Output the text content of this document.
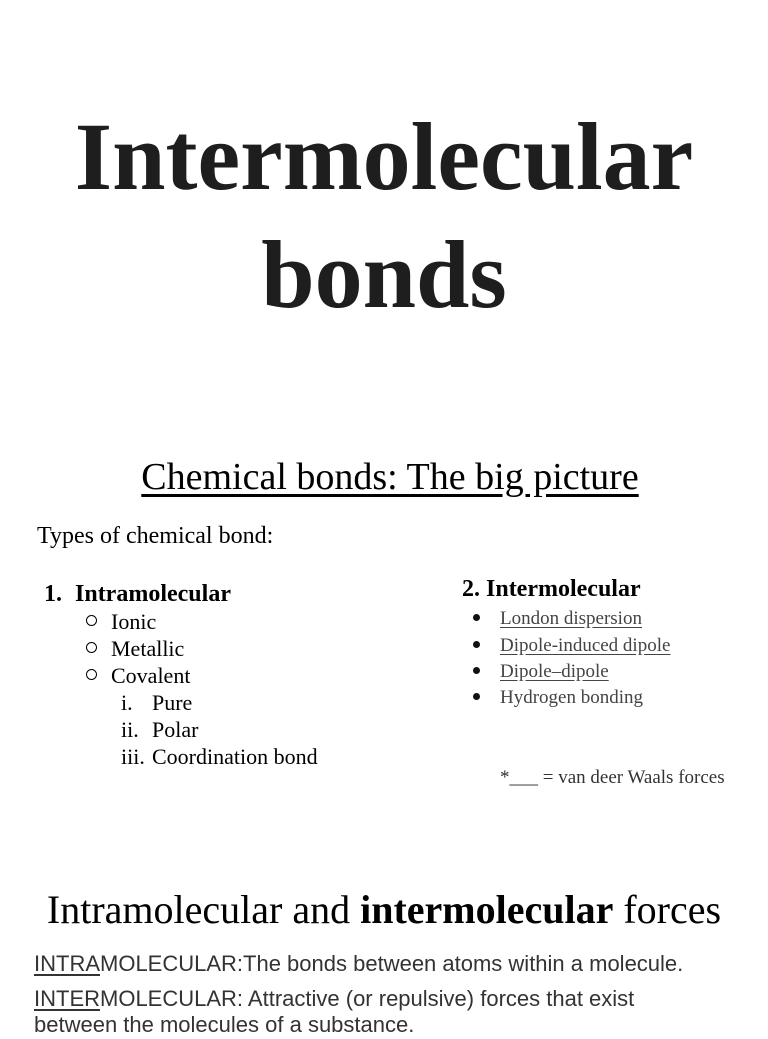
Intermolecular
bonds
Chemical bonds: The big picture
Types of chemical bond:
1. Intramolecular
Ionic
Metallic
Covalent
i. Pure
ii. Polar
iii. Coordination bond
2. Intermolecular
London dispersion
Dipole-induced dipole
Dipole–dipole
Hydrogen bonding
*___ = van deer Waals forces
Intramolecular and intermolecular forces
INTRAMOLECULAR:The bonds between atoms within a molecule.
INTERMOLECULAR: Attractive (or repulsive) forces that exist
between the molecules of a substance.
